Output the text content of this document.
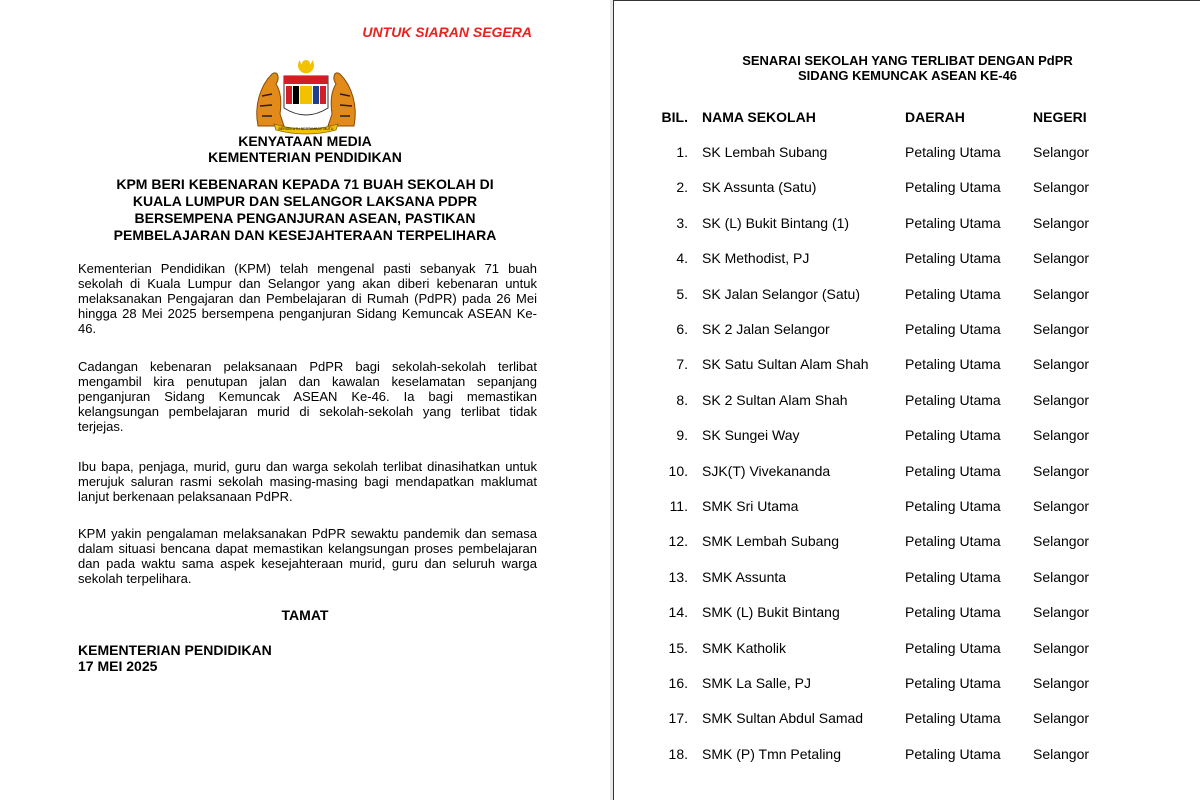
UNTUK SIARAN SEGERA
BERSEKUTU BERTAMBAH MUTU
KENYATAAN MEDIA
KEMENTERIAN PENDIDIKAN
KPM BERI KEBENARAN KEPADA 71 BUAH SEKOLAH DI
KUALA LUMPUR DAN SELANGOR LAKSANA PDPR
BERSEMPENA PENGANJURAN ASEAN, PASTIKAN
PEMBELAJARAN DAN KESEJAHTERAAN TERPELIHARA

Kementerian Pendidikan (KPM) telah mengenal pasti sebanyak 71 buah sekolah di Kuala Lumpur dan Selangor yang akan diberi kebenaran untuk melaksanakan Pengajaran dan Pembelajaran di Rumah (PdPR) pada 26 Mei hingga 28 Mei 2025 bersempena penganjuran Sidang Kemuncak ASEAN Ke-46.

Cadangan kebenaran pelaksanaan PdPR bagi sekolah-sekolah terlibat mengambil kira penutupan jalan dan kawalan keselamatan sepanjang penganjuran Sidang Kemuncak ASEAN Ke-46. Ia bagi memastikan kelangsungan pembelajaran murid di sekolah-sekolah yang terlibat tidak terjejas.

Ibu bapa, penjaga, murid, guru dan warga sekolah terlibat dinasihatkan untuk merujuk saluran rasmi sekolah masing-masing bagi mendapatkan maklumat lanjut berkenaan pelaksanaan PdPR.

KPM yakin pengalaman melaksanakan PdPR sewaktu pandemik dan semasa dalam situasi bencana dapat memastikan kelangsungan proses pembelajaran dan pada waktu sama aspek kesejahteraan murid, guru dan seluruh warga sekolah terpelihara.

TAMAT
KEMENTERIAN PENDIDIKAN
17 MEI 2025
SENARAI SEKOLAH YANG TERLIBAT DENGAN PdPR
SIDANG KEMUNCAK ASEAN KE-46
BIL. NAMA SEKOLAH	DAERAH	NEGERI
1. SK Lembah Subang	Petaling Utama Selangor
2. SK Assunta (Satu)	Petaling Utama Selangor
3. SK (L) Bukit Bintang (1)	Petaling Utama Selangor
4. SK Methodist, PJ	Petaling Utama Selangor
5. SK Jalan Selangor (Satu)	Petaling Utama Selangor
6. SK 2 Jalan Selangor	Petaling Utama Selangor
7. SK Satu Sultan Alam Shah	Petaling Utama Selangor
8. SK 2 Sultan Alam Shah	Petaling Utama Selangor
9. SK Sungei Way	Petaling Utama Selangor
10. SJK(T) Vivekananda	Petaling Utama Selangor
11. SMK Sri Utama	Petaling Utama Selangor
12. SMK Lembah Subang	Petaling Utama Selangor
13. SMK Assunta	Petaling Utama Selangor
14. SMK (L) Bukit Bintang	Petaling Utama Selangor
15. SMK Katholik	Petaling Utama Selangor
16. SMK La Salle, PJ	Petaling Utama Selangor
17. SMK Sultan Abdul Samad	Petaling Utama Selangor
18. SMK (P) Tmn Petaling	Petaling Utama Selangor
